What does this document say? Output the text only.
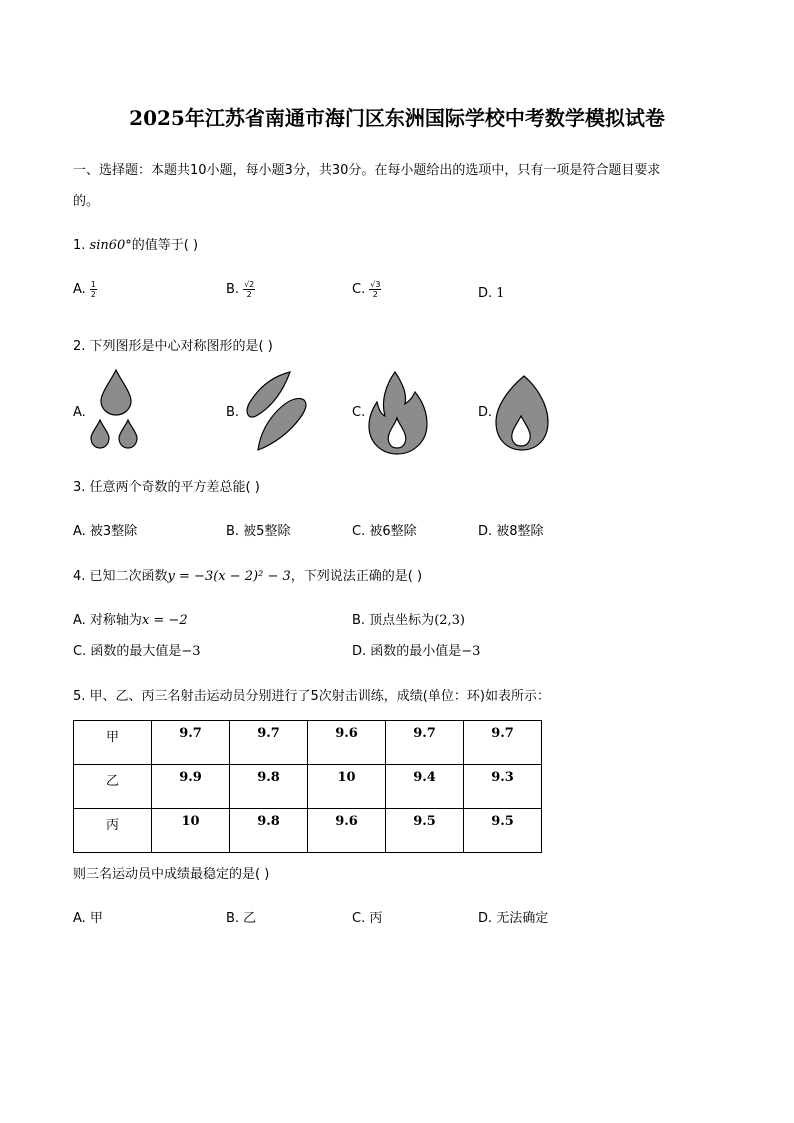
2025年江苏省南通市海门区东洲国际学校中考数学模拟试卷
一、选择题：本题共10小题，每小题3分，共30分。在每小题给出的选项中，只有一项是符合题目要求
的。
1. sin60°的值等于( )
A. $\frac{1}{2}$	B. $\frac{√2}{2}$	C. $\frac{√3}{2}$	D. 1
2. 下列图形是中心对称图形的是( )
A.	B.	C.	D.
3. 任意两个奇数的平方差总能( )
A. 被3整除	B. 被5整除	C. 被6整除	D. 被8整除
4. 已知二次函数y = −3(x − 2)² − 3，下列说法正确的是( )
A. 对称轴为x = −2	B. 顶点坐标为(2,3)
C. 函数的最大值是−3	D. 函数的最小值是−3
5. 甲、乙、丙三名射击运动员分别进行了5次射击训练，成绩(单位：环)如表所示：
甲	9.7	9.7	9.6	9.7	9.7
乙	9.9	9.8	10	9.4	9.3
丙	10	9.8	9.6	9.5	9.5
则三名运动员中成绩最稳定的是( )
A. 甲	B. 乙	C. 丙	D. 无法确定
